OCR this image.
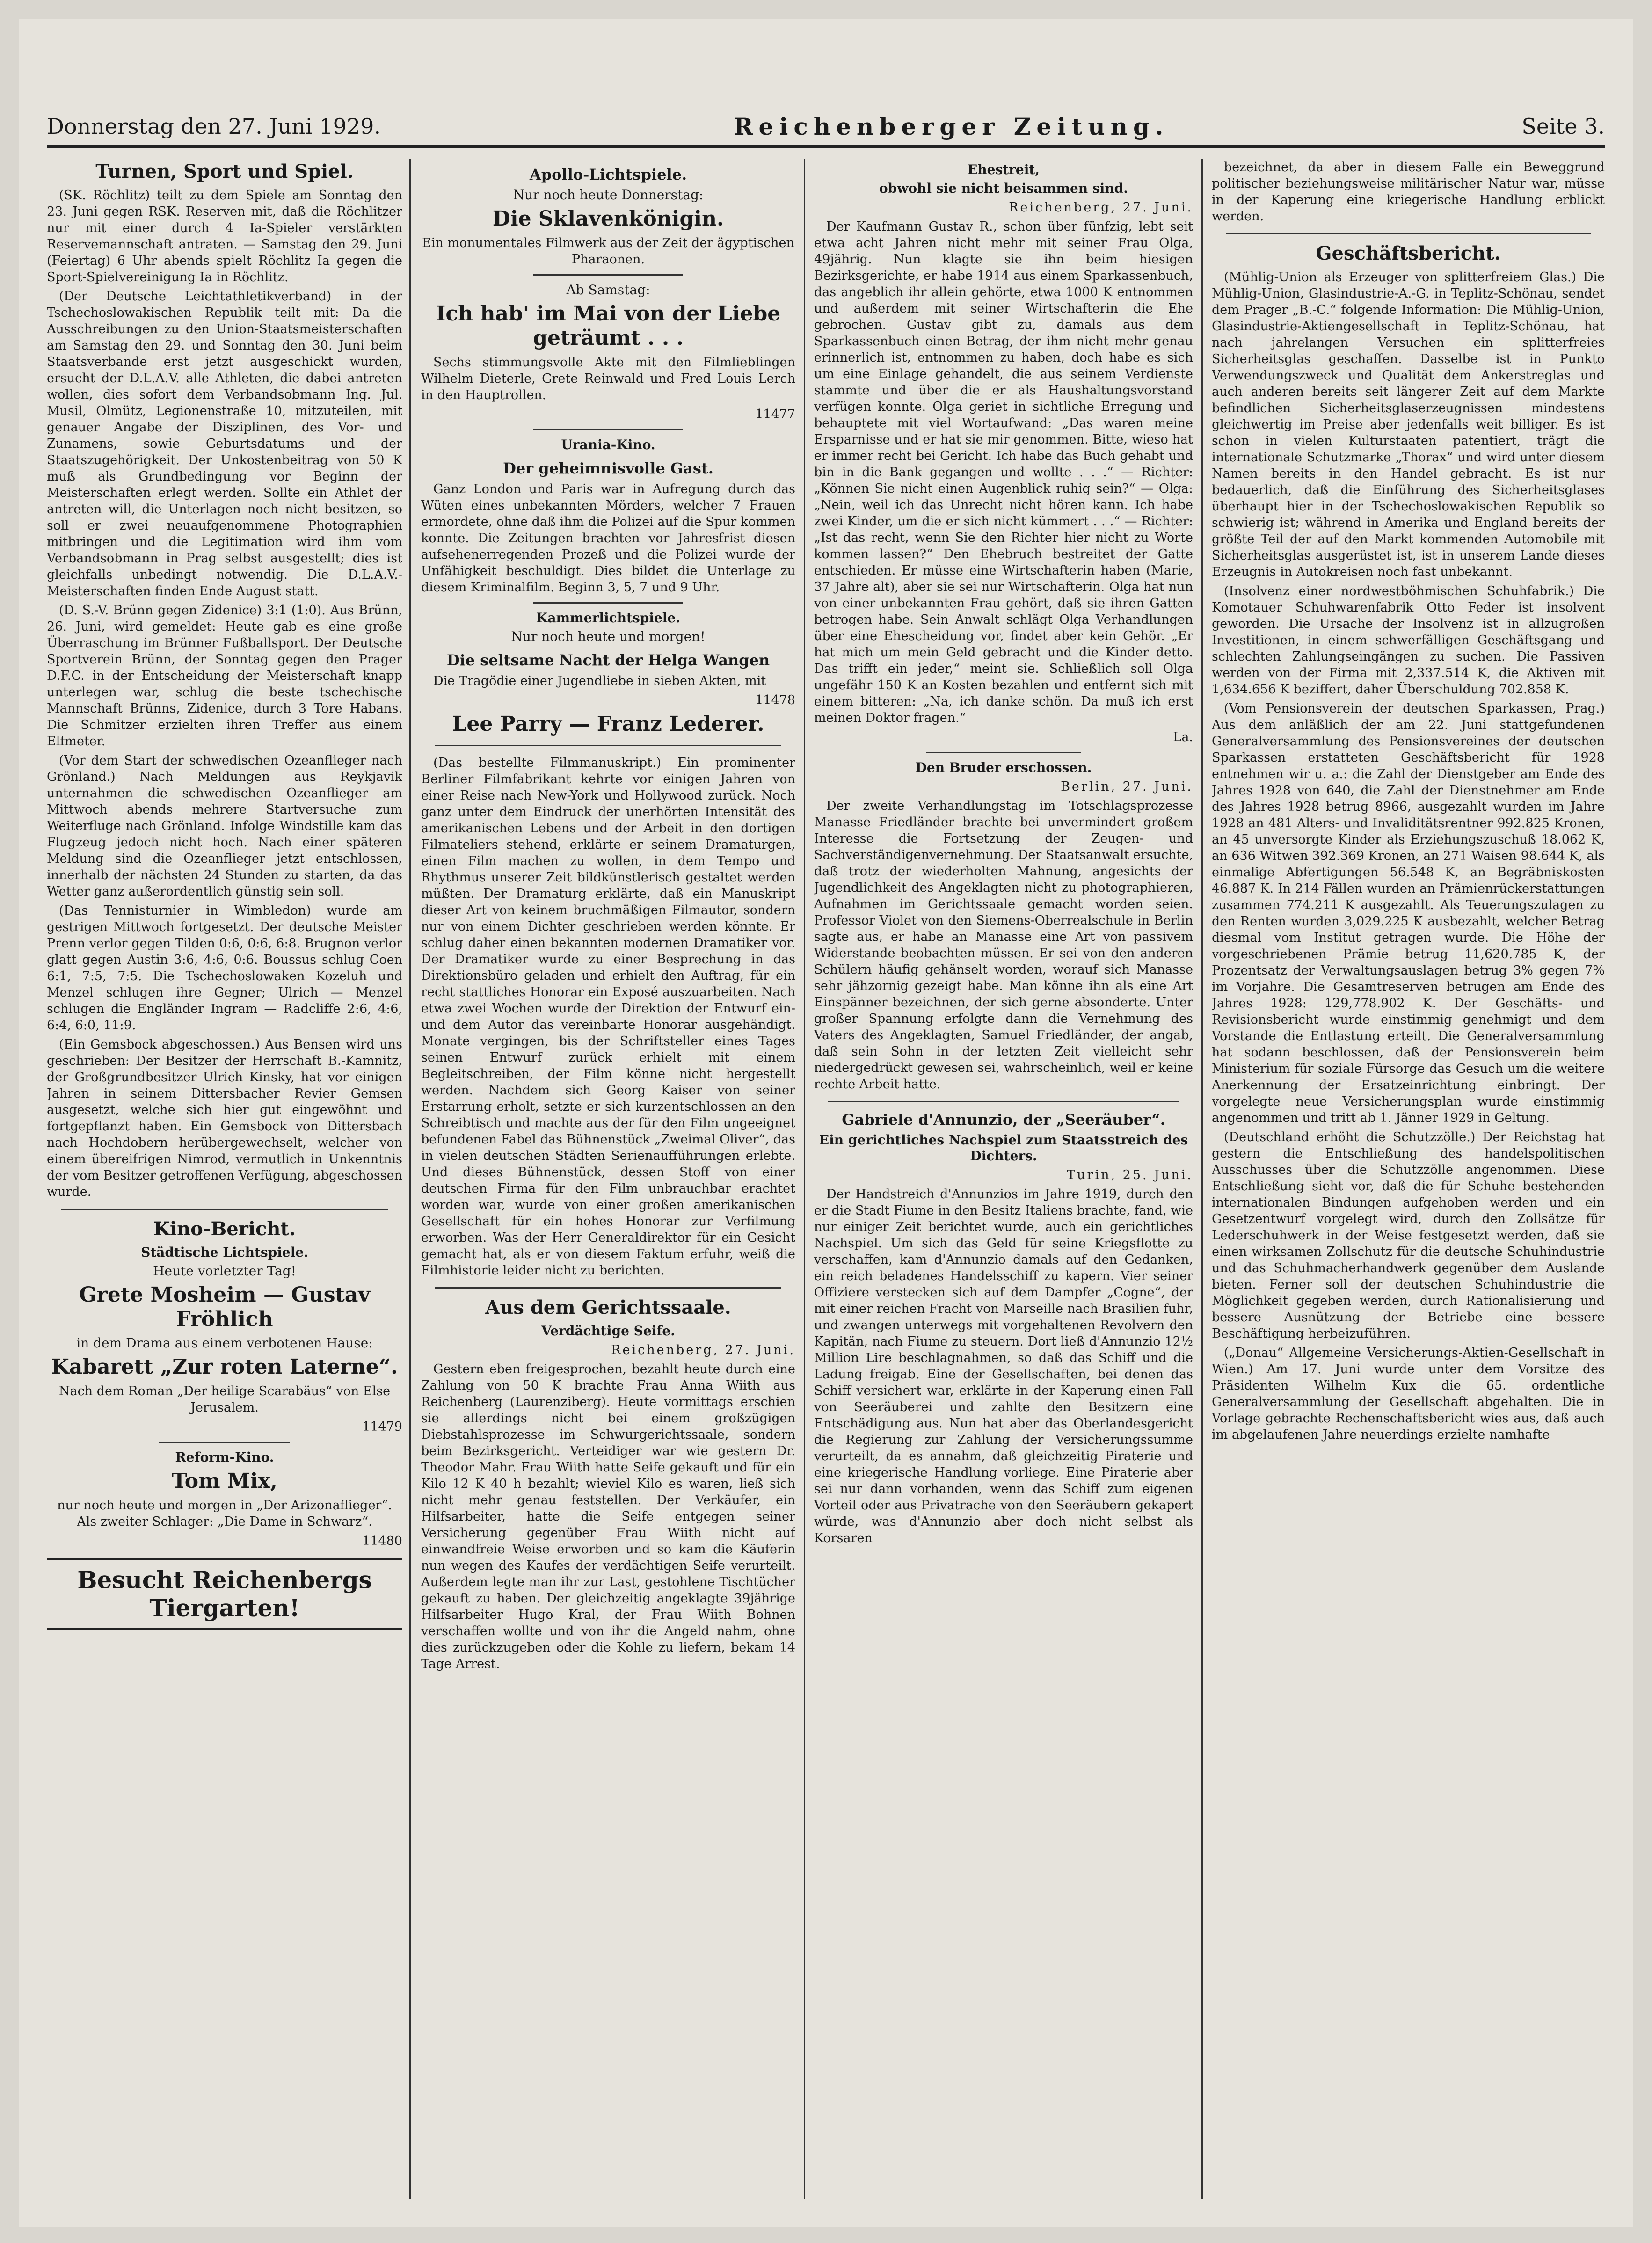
Donnerstag den 27. Juni 1929.	Reichenberger Zeitung.	Seite 3.
Turnen, Sport und Spiel.

(SK. Röchlitz) teilt zu dem Spiele am Sonntag den 23. Juni gegen RSK. Reserven mit, daß die Röchlitzer nur mit einer durch 4 Ia-Spieler verstärkten Reservemannschaft antraten. — Samstag den 29. Juni (Feiertag) 6 Uhr abends spielt Röchlitz Ia gegen die Sport-Spielvereinigung Ia in Röchlitz.

(Der Deutsche Leichtathletikverband) in der Tschechoslowakischen Republik teilt mit: Da die Ausschreibungen zu den Union-Staatsmeisterschaften am Samstag den 29. und Sonntag den 30. Juni beim Staatsverbande erst jetzt ausgeschickt wurden, ersucht der D.L.A.V. alle Athleten, die dabei antreten wollen, dies sofort dem Verbandsobmann Ing. Jul. Musil, Olmütz, Legionenstraße 10, mitzuteilen, mit genauer Angabe der Disziplinen, des Vor- und Zunamens, sowie Geburtsdatums und der Staatszugehörigkeit. Der Unkostenbeitrag von 50 K muß als Grundbedingung vor Beginn der Meisterschaften erlegt werden. Sollte ein Athlet der antreten will, die Unterlagen noch nicht besitzen, so soll er zwei neuaufgenommene Photographien mitbringen und die Legitimation wird ihm vom Verbandsobmann in Prag selbst ausgestellt; dies ist gleichfalls unbedingt notwendig. Die D.L.A.V.-Meisterschaften finden Ende August statt.

(D. S.-V. Brünn gegen Zidenice) 3:1 (1:0). Aus Brünn, 26. Juni, wird gemeldet: Heute gab es eine große Überraschung im Brünner Fußballsport. Der Deutsche Sportverein Brünn, der Sonntag gegen den Prager D.F.C. in der Entscheidung der Meisterschaft knapp unterlegen war, schlug die beste tschechische Mannschaft Brünns, Zidenice, durch 3 Tore Habans. Die Schmitzer erzielten ihren Treffer aus einem Elfmeter.

(Vor dem Start der schwedischen Ozeanflieger nach Grönland.) Nach Meldungen aus Reykjavik unternahmen die schwedischen Ozeanflieger am Mittwoch abends mehrere Startversuche zum Weiterfluge nach Grönland. Infolge Windstille kam das Flugzeug jedoch nicht hoch. Nach einer späteren Meldung sind die Ozeanflieger jetzt entschlossen, innerhalb der nächsten 24 Stunden zu starten, da das Wetter ganz außerordentlich günstig sein soll.

(Das Tennisturnier in Wimbledon) wurde am gestrigen Mittwoch fortgesetzt. Der deutsche Meister Prenn verlor gegen Tilden 0:6, 0:6, 6:8. Brugnon verlor glatt gegen Austin 3:6, 4:6, 0:6. Boussus schlug Coen 6:1, 7:5, 7:5. Die Tschechoslowaken Kozeluh und Menzel schlugen ihre Gegner; Ulrich — Menzel schlugen die Engländer Ingram — Radcliffe 2:6, 4:6, 6:4, 6:0, 11:9.

(Ein Gemsbock abgeschossen.) Aus Bensen wird uns geschrieben: Der Besitzer der Herrschaft B.-Kamnitz, der Großgrundbesitzer Ulrich Kinsky, hat vor einigen Jahren in seinem Dittersbacher Revier Gemsen ausgesetzt, welche sich hier gut eingewöhnt und fortgepflanzt haben. Ein Gemsbock von Dittersbach nach Hochdobern herübergewechselt, welcher von einem übereifrigen Nimrod, vermutlich in Unkenntnis der vom Besitzer getroffenen Verfügung, abgeschossen wurde.

Kino-Bericht.
Städtische Lichtspiele.
Heute vorletzter Tag!
Grete Mosheim — Gustav Fröhlich
in dem Drama aus einem verbotenen Hause:
Kabarett „Zur roten Laterne“.

Nach dem Roman „Der heilige Scarabäus“ von Else Jerusalem.

11479

Reform-Kino.
Tom Mix,

nur noch heute und morgen in „Der Arizonaflieger“. Als zweiter Schlager: „Die Dame in Schwarz“.

11480

Besucht Reichenbergs Tiergarten!
Apollo-Lichtspiele.
Nur noch heute Donnerstag:
Die Sklavenkönigin.

Ein monumentales Filmwerk aus der Zeit der ägyptischen Pharaonen.

Ab Samstag:
Ich hab' im Mai von der Liebe geträumt . . .

Sechs stimmungsvolle Akte mit den Filmlieblingen Wilhelm Dieterle, Grete Reinwald und Fred Louis Lerch in den Hauptrollen.

11477

Urania-Kino.
Der geheimnisvolle Gast.

Ganz London und Paris war in Aufregung durch das Wüten eines unbekannten Mörders, welcher 7 Frauen ermordete, ohne daß ihm die Polizei auf die Spur kommen konnte. Die Zeitungen brachten vor Jahresfrist diesen aufsehenerregenden Prozeß und die Polizei wurde der Unfähigkeit beschuldigt. Dies bildet die Unterlage zu diesem Kriminalfilm. Beginn 3, 5, 7 und 9 Uhr.

Kammerlichtspiele.
Nur noch heute und morgen!
Die seltsame Nacht der Helga Wangen

Die Tragödie einer Jugendliebe in sieben Akten, mit

11478

Lee Parry — Franz Lederer.

(Das bestellte Filmmanuskript.) Ein prominenter Berliner Filmfabrikant kehrte vor einigen Jahren von einer Reise nach New-York und Hollywood zurück. Noch ganz unter dem Eindruck der unerhörten Intensität des amerikanischen Lebens und der Arbeit in den dortigen Filmateliers stehend, erklärte er seinem Dramaturgen, einen Film machen zu wollen, in dem Tempo und Rhythmus unserer Zeit bildkünstlerisch gestaltet werden müßten. Der Dramaturg erklärte, daß ein Manuskript dieser Art von keinem bruchmäßigen Filmautor, sondern nur von einem Dichter geschrieben werden könnte. Er schlug daher einen bekannten modernen Dramatiker vor. Der Dramatiker wurde zu einer Besprechung in das Direktionsbüro geladen und erhielt den Auftrag, für ein recht stattliches Honorar ein Exposé auszuarbeiten. Nach etwa zwei Wochen wurde der Direktion der Entwurf ein- und dem Autor das vereinbarte Honorar ausgehändigt. Monate vergingen, bis der Schriftsteller eines Tages seinen Entwurf zurück erhielt mit einem Begleitschreiben, der Film könne nicht hergestellt werden. Nachdem sich Georg Kaiser von seiner Erstarrung erholt, setzte er sich kurzentschlossen an den Schreibtisch und machte aus der für den Film ungeeignet befundenen Fabel das Bühnenstück „Zweimal Oliver“, das in vielen deutschen Städten Serienaufführungen erlebte. Und dieses Bühnenstück, dessen Stoff von einer deutschen Firma für den Film unbrauchbar erachtet worden war, wurde von einer großen amerikanischen Gesellschaft für ein hohes Honorar zur Verfilmung erworben. Was der Herr Generaldirektor für ein Gesicht gemacht hat, als er von diesem Faktum erfuhr, weiß die Filmhistorie leider nicht zu berichten.

Aus dem Gerichtssaale.
Verdächtige Seife.

Reichenberg, 27. Juni.

Gestern eben freigesprochen, bezahlt heute durch eine Zahlung von 50 K brachte Frau Anna Wiith aus Reichenberg (Laurenziberg). Heute vormittags erschien sie allerdings nicht bei einem großzügigen Diebstahlsprozesse im Schwurgerichtssaale, sondern beim Bezirksgericht. Verteidiger war wie gestern Dr. Theodor Mahr. Frau Wiith hatte Seife gekauft und für ein Kilo 12 K 40 h bezahlt; wieviel Kilo es waren, ließ sich nicht mehr genau feststellen. Der Verkäufer, ein Hilfsarbeiter, hatte die Seife entgegen seiner Versicherung gegenüber Frau Wiith nicht auf einwandfreie Weise erworben und so kam die Käuferin nun wegen des Kaufes der verdächtigen Seife verurteilt. Außerdem legte man ihr zur Last, gestohlene Tischtücher gekauft zu haben. Der gleichzeitig angeklagte 39jährige Hilfsarbeiter Hugo Kral, der Frau Wiith Bohnen verschaffen wollte und von ihr die Angeld nahm, ohne dies zurückzugeben oder die Kohle zu liefern, bekam 14 Tage Arrest.

Ehestreit,
obwohl sie nicht beisammen sind.

Reichenberg, 27. Juni.

Der Kaufmann Gustav R., schon über fünfzig, lebt seit etwa acht Jahren nicht mehr mit seiner Frau Olga, 49jährig. Nun klagte sie ihn beim hiesigen Bezirksgerichte, er habe 1914 aus einem Sparkassenbuch, das angeblich ihr allein gehörte, etwa 1000 K entnommen und außerdem mit seiner Wirtschafterin die Ehe gebrochen. Gustav gibt zu, damals aus dem Sparkassenbuch einen Betrag, der ihm nicht mehr genau erinnerlich ist, entnommen zu haben, doch habe es sich um eine Einlage gehandelt, die aus seinem Verdienste stammte und über die er als Haushaltungsvorstand verfügen konnte. Olga geriet in sichtliche Erregung und behauptete mit viel Wortaufwand: „Das waren meine Ersparnisse und er hat sie mir genommen. Bitte, wieso hat er immer recht bei Gericht. Ich habe das Buch gehabt und bin in die Bank gegangen und wollte . . .“ — Richter: „Können Sie nicht einen Augenblick ruhig sein?“ — Olga: „Nein, weil ich das Unrecht nicht hören kann. Ich habe zwei Kinder, um die er sich nicht kümmert . . .“ — Richter: „Ist das recht, wenn Sie den Richter hier nicht zu Worte kommen lassen?“ Den Ehebruch bestreitet der Gatte entschieden. Er müsse eine Wirtschafterin haben (Marie, 37 Jahre alt), aber sie sei nur Wirtschafterin. Olga hat nun von einer unbekannten Frau gehört, daß sie ihren Gatten betrogen habe. Sein Anwalt schlägt Olga Verhandlungen über eine Ehescheidung vor, findet aber kein Gehör. „Er hat mich um mein Geld gebracht und die Kinder detto. Das trifft ein jeder,“ meint sie. Schließlich soll Olga ungefähr 150 K an Kosten bezahlen und entfernt sich mit einem bitteren: „Na, ich danke schön. Da muß ich erst meinen Doktor fragen.“

La.

Den Bruder erschossen.

Berlin, 27. Juni.

Der zweite Verhandlungstag im Totschlagsprozesse Manasse Friedländer brachte bei unvermindert großem Interesse die Fortsetzung der Zeugen- und Sachverständigenvernehmung. Der Staatsanwalt ersuchte, daß trotz der wiederholten Mahnung, angesichts der Jugendlichkeit des Angeklagten nicht zu photographieren, Aufnahmen im Gerichtssaale gemacht worden seien. Professor Violet von den Siemens-Oberrealschule in Berlin sagte aus, er habe an Manasse eine Art von passivem Widerstande beobachten müssen. Er sei von den anderen Schülern häufig gehänselt worden, worauf sich Manasse sehr jähzornig gezeigt habe. Man könne ihn als eine Art Einspänner bezeichnen, der sich gerne absonderte. Unter großer Spannung erfolgte dann die Vernehmung des Vaters des Angeklagten, Samuel Friedländer, der angab, daß sein Sohn in der letzten Zeit vielleicht sehr niedergedrückt gewesen sei, wahrscheinlich, weil er keine rechte Arbeit hatte.

Gabriele d'Annunzio, der „Seeräuber“.
Ein gerichtliches Nachspiel zum Staatsstreich des Dichters.

Turin, 25. Juni.

Der Handstreich d'Annunzios im Jahre 1919, durch den er die Stadt Fiume in den Besitz Italiens brachte, fand, wie nur einiger Zeit berichtet wurde, auch ein gerichtliches Nachspiel. Um sich das Geld für seine Kriegsflotte zu verschaffen, kam d'Annunzio damals auf den Gedanken, ein reich beladenes Handelsschiff zu kapern. Vier seiner Offiziere verstecken sich auf dem Dampfer „Cogne“, der mit einer reichen Fracht von Marseille nach Brasilien fuhr, und zwangen unterwegs mit vorgehaltenen Revolvern den Kapitän, nach Fiume zu steuern. Dort ließ d'Annunzio 12½ Million Lire beschlagnahmen, so daß das Schiff und die Ladung freigab. Eine der Gesellschaften, bei denen das Schiff versichert war, erklärte in der Kaperung einen Fall von Seeräuberei und zahlte den Besitzern eine Entschädigung aus. Nun hat aber das Oberlandesgericht die Regierung zur Zahlung der Versicherungssumme verurteilt, da es annahm, daß gleichzeitig Piraterie und eine kriegerische Handlung vorliege. Eine Piraterie aber sei nur dann vorhanden, wenn das Schiff zum eigenen Vorteil oder aus Privatrache von den Seeräubern gekapert würde, was d'Annunzio aber doch nicht selbst als Korsaren

bezeichnet, da aber in diesem Falle ein Beweggrund politischer beziehungsweise militärischer Natur war, müsse in der Kaperung eine kriegerische Handlung erblickt werden.

Geschäftsbericht.

(Mühlig-Union als Erzeuger von splitterfreiem Glas.) Die Mühlig-Union, Glasindustrie-A.-G. in Teplitz-Schönau, sendet dem Prager „B.-C.“ folgende Information: Die Mühlig-Union, Glasindustrie-Aktiengesellschaft in Teplitz-Schönau, hat nach jahrelangen Versuchen ein splitterfreies Sicherheitsglas geschaffen. Dasselbe ist in Punkto Verwendungszweck und Qualität dem Ankerstreglas und auch anderen bereits seit längerer Zeit auf dem Markte befindlichen Sicherheitsglaserzeugnissen mindestens gleichwertig im Preise aber jedenfalls weit billiger. Es ist schon in vielen Kulturstaaten patentiert, trägt die internationale Schutzmarke „Thorax“ und wird unter diesem Namen bereits in den Handel gebracht. Es ist nur bedauerlich, daß die Einführung des Sicherheitsglases überhaupt hier in der Tschechoslowakischen Republik so schwierig ist; während in Amerika und England bereits der größte Teil der auf den Markt kommenden Automobile mit Sicherheitsglas ausgerüstet ist, ist in unserem Lande dieses Erzeugnis in Autokreisen noch fast unbekannt.

(Insolvenz einer nordwestböhmischen Schuhfabrik.) Die Komotauer Schuhwarenfabrik Otto Feder ist insolvent geworden. Die Ursache der Insolvenz ist in allzugroßen Investitionen, in einem schwerfälligen Geschäftsgang und schlechten Zahlungseingängen zu suchen. Die Passiven werden von der Firma mit 2,337.514 K, die Aktiven mit 1,634.656 K beziffert, daher Überschuldung 702.858 K.

(Vom Pensionsverein der deutschen Sparkassen, Prag.) Aus dem anläßlich der am 22. Juni stattgefundenen Generalversammlung des Pensionsvereines der deutschen Sparkassen erstatteten Geschäftsbericht für 1928 entnehmen wir u. a.: die Zahl der Dienstgeber am Ende des Jahres 1928 von 640, die Zahl der Dienstnehmer am Ende des Jahres 1928 betrug 8966, ausgezahlt wurden im Jahre 1928 an 481 Alters- und Invaliditätsrentner 992.825 Kronen, an 45 unversorgte Kinder als Erziehungszuschuß 18.062 K, an 636 Witwen 392.369 Kronen, an 271 Waisen 98.644 K, als einmalige Abfertigungen 56.548 K, an Begräbniskosten 46.887 K. In 214 Fällen wurden an Prämienrückerstattungen zusammen 774.211 K ausgezahlt. Als Teuerungszulagen zu den Renten wurden 3,029.225 K ausbezahlt, welcher Betrag diesmal vom Institut getragen wurde. Die Höhe der vorgeschriebenen Prämie betrug 11,620.785 K, der Prozentsatz der Verwaltungsauslagen betrug 3% gegen 7% im Vorjahre. Die Gesamtreserven betrugen am Ende des Jahres 1928: 129,778.902 K. Der Geschäfts- und Revisionsbericht wurde einstimmig genehmigt und dem Vorstande die Entlastung erteilt. Die Generalversammlung hat sodann beschlossen, daß der Pensionsverein beim Ministerium für soziale Fürsorge das Gesuch um die weitere Anerkennung der Ersatzeinrichtung einbringt. Der vorgelegte neue Versicherungsplan wurde einstimmig angenommen und tritt ab 1. Jänner 1929 in Geltung.

(Deutschland erhöht die Schutzzölle.) Der Reichstag hat gestern die Entschließung des handelspolitischen Ausschusses über die Schutzzölle angenommen. Diese Entschließung sieht vor, daß die für Schuhe bestehenden internationalen Bindungen aufgehoben werden und ein Gesetzentwurf vorgelegt wird, durch den Zollsätze für Lederschuhwerk in der Weise festgesetzt werden, daß sie einen wirksamen Zollschutz für die deutsche Schuhindustrie und das Schuhmacherhandwerk gegenüber dem Auslande bieten. Ferner soll der deutschen Schuhindustrie die Möglichkeit gegeben werden, durch Rationalisierung und bessere Ausnützung der Betriebe eine bessere Beschäftigung herbeizuführen.

(„Donau“ Allgemeine Versicherungs-Aktien-Gesellschaft in Wien.) Am 17. Juni wurde unter dem Vorsitze des Präsidenten Wilhelm Kux die 65. ordentliche Generalversammlung der Gesellschaft abgehalten. Die in Vorlage gebrachte Rechenschaftsbericht wies aus, daß auch im abgelaufenen Jahre neuerdings erzielte namhafte
